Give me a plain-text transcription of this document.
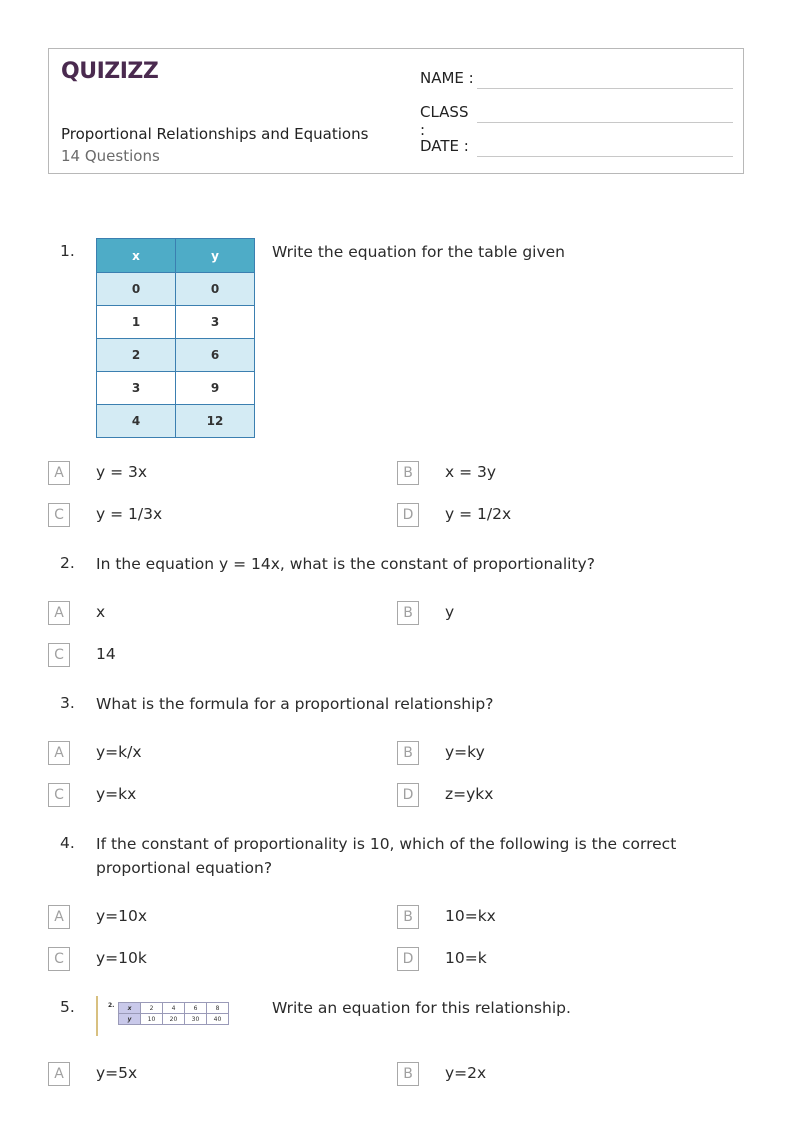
QUIZIZZ
Proportional Relationships and Equations
14 Questions
NAME :
CLASS :
DATE :
1.	x	y
0	0
1	3
2	6
3	9
4	12
Write the equation for the table given
A	y = 3x	B	x = 3y
C	y = 1/3x	D	y = 1/2x
2. In the equation y = 14x, what is the constant of proportionality?
A	x	B	y
C	14
3. What is the formula for a proportional relationship?
A	y=k/x	B	y=ky
C	y=kx	D	z=ykx
4. If the constant of proportionality is 10, which of the following is the correct proportional equation?
A	y=10x	B	10=kx
C	y=10k	D	10=k
5.	2. x	2	4	6	8
y	10	20	30	40
Write an equation for this relationship.
A	y=5x	B	y=2x
